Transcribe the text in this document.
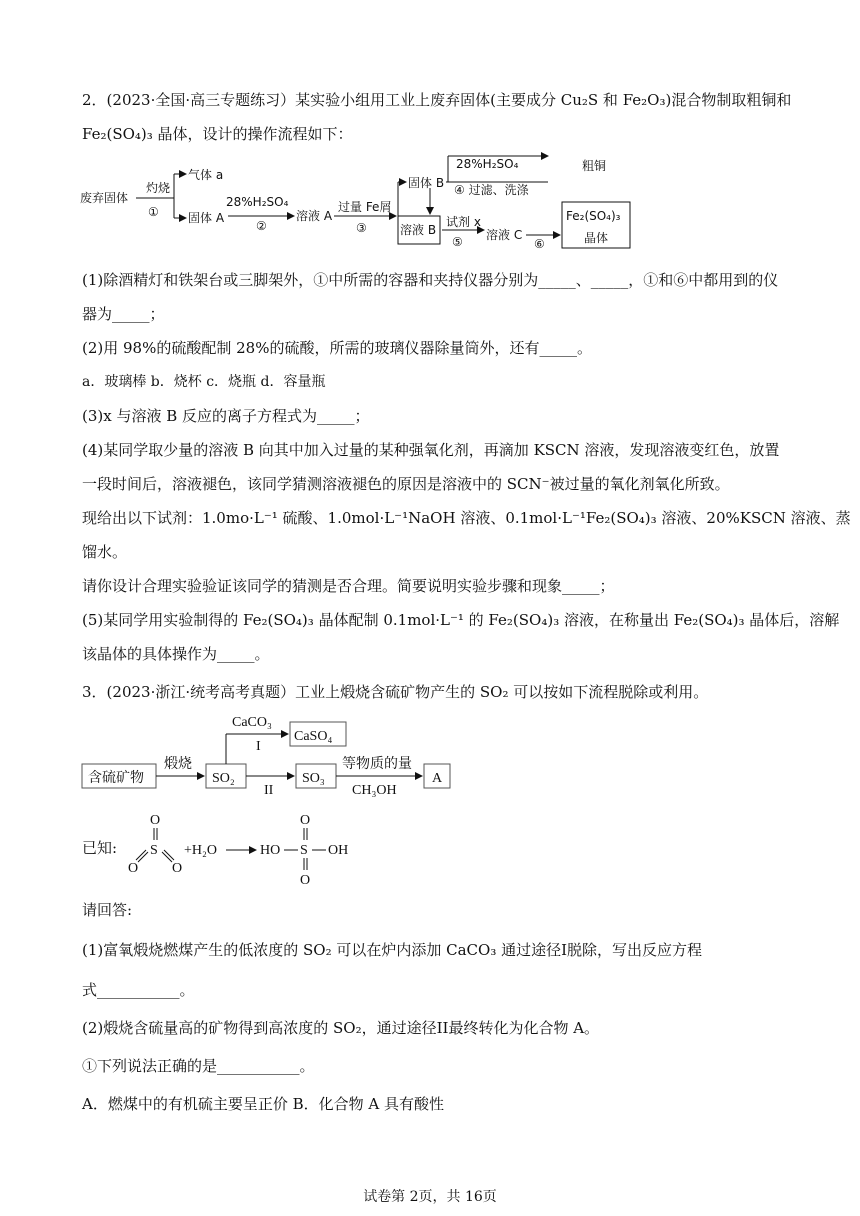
2．(2023·全国·高三专题练习）某实验小组用工业上废弃固体(主要成分 Cu₂S 和 Fe₂O₃)混合物制取粗铜和
Fe₂(SO₄)₃ 晶体，设计的操作流程如下：
废弃固体
灼烧
①
气体 a
固体 A
28%H₂SO₄
②
溶液 A
过量 Fe屑
③
固体 B
溶液 B
28%H₂SO₄
④ 过滤、洗涤
粗铜
试剂 x
⑤ 溶液 C
⑥
Fe₂(SO₄)₃
晶体
(1)除酒精灯和铁架台或三脚架外，①中所需的容器和夹持仪器分别为_____、_____，①和⑥中都用到的仪
器为_____；
(2)用 98%的硫酸配制 28%的硫酸，所需的玻璃仪器除量筒外，还有_____。
a．玻璃棒 b．烧杯 c．烧瓶 d．容量瓶
(3)x 与溶液 B 反应的离子方程式为_____；
(4)某同学取少量的溶液 B 向其中加入过量的某种强氧化剂，再滴加 KSCN 溶液，发现溶液变红色，放置
一段时间后，溶液褪色，该同学猜测溶液褪色的原因是溶液中的 SCN⁻被过量的氧化剂氧化所致。
现给出以下试剂：1.0mo·L⁻¹ 硫酸、1.0mol·L⁻¹NaOH 溶液、0.1mol·L⁻¹Fe₂(SO₄)₃ 溶液、20%KSCN 溶液、蒸
馏水。
请你设计合理实验验证该同学的猜测是否合理。简要说明实验步骤和现象_____；
(5)某同学用实验制得的 Fe₂(SO₄)₃ 晶体配制 0.1mol·L⁻¹ 的 Fe₂(SO₄)₃ 溶液，在称量出 Fe₂(SO₄)₃ 晶体后，溶解
该晶体的具体操作为_____。
3．(2023·浙江·统考高考真题）工业上煅烧含硫矿物产生的 SO₂ 可以按如下流程脱除或利用。
含硫矿物
煅烧
SO₂
CaCO₃
I
CaSO₄
II
SO₃
等物质的量
CH₃OH
A
已知:
O
S
O O
+H₂O	HO S OH
O
O
请回答:
(1)富氧煅烧燃煤产生的低浓度的 SO₂ 可以在炉内添加 CaCO₃ 通过途径I脱除，写出反应方程
式___________。
(2)煅烧含硫量高的矿物得到高浓度的 SO₂，通过途径II最终转化为化合物 A。
①下列说法正确的是___________。
A．燃煤中的有机硫主要呈正价 B．化合物 A 具有酸性
试卷第 2页，共 16页
